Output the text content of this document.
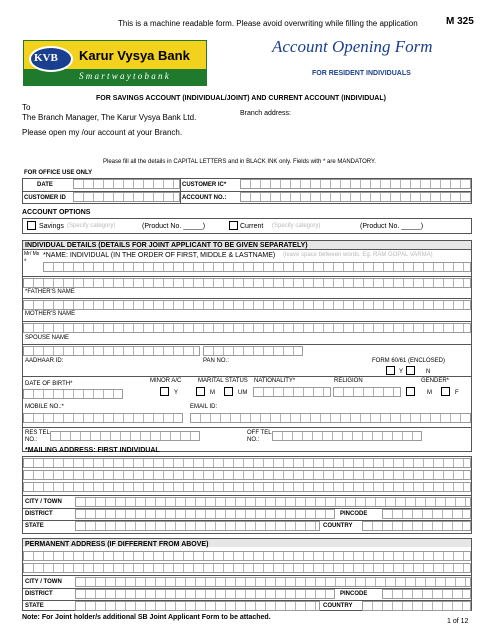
This is a machine readable form. Please avoid overwriting while filling the application	M 325
KVB Karur Vysya Bank
S m a r t w a y t o b a n k
Account Opening Form
FOR RESIDENT INDIVIDUALS
FOR SAVINGS ACCOUNT (INDIVIDUAL/JOINT) AND CURRENT ACCOUNT (INDIVIDUAL)
To
The Branch Manager, The Karur Vysya Bank Ltd.	Branch address:
Please open my /our account at your Branch.
Please fill all the details in CAPITAL LETTERS and in BLACK INK only. Fields with * are MANDATORY.
FOR OFFICE USE ONLY
DATE	CUSTOMER IC*
CUSTOMER ID	ACCOUNT NO.:
ACCOUNT OPTIONS
Savings (Specify category)	(Product No. _____)	Current (Specify category)	(Product No. _____)
INDIVIDUAL DETAILS (DETAILS FOR JOINT APPLICANT TO BE GIVEN SEPARATELY)
Mr/ Ms
*
*NAME: INDIVIDUAL (IN THE ORDER OF FIRST, MIDDLE & LASTNAME) (leave space between words. Eg. RAM GOPAL VARMA)
*FATHER'S NAME
MOTHER'S NAME
SPOUSE NAME
AADHAAR ID:	PAN NO.:	FORM 60/61 (ENCLOSED)
Y	N
DATE OF BIRTH*	MINOR A/C	MARITAL STATUS NATIONALITY*	RELIGION	GENDER*
Y	M	UM	M	F
MOBILE NO.:*	EMAIL ID:
RES TEL
NO.:
OFF TEL
NO.:
*MAILING ADDRESS: FIRST INDIVIDUAL
CITY / TOWN
DISTRICT	PINCODE
STATE	COUNTRY
PERMANENT ADDRESS (IF DIFFERENT FROM ABOVE)
CITY / TOWN
DISTRICT	PINCODE
STATE	COUNTRY
Note: For Joint holder/s additional SB Joint Applicant Form to be attached.
1 of 12
